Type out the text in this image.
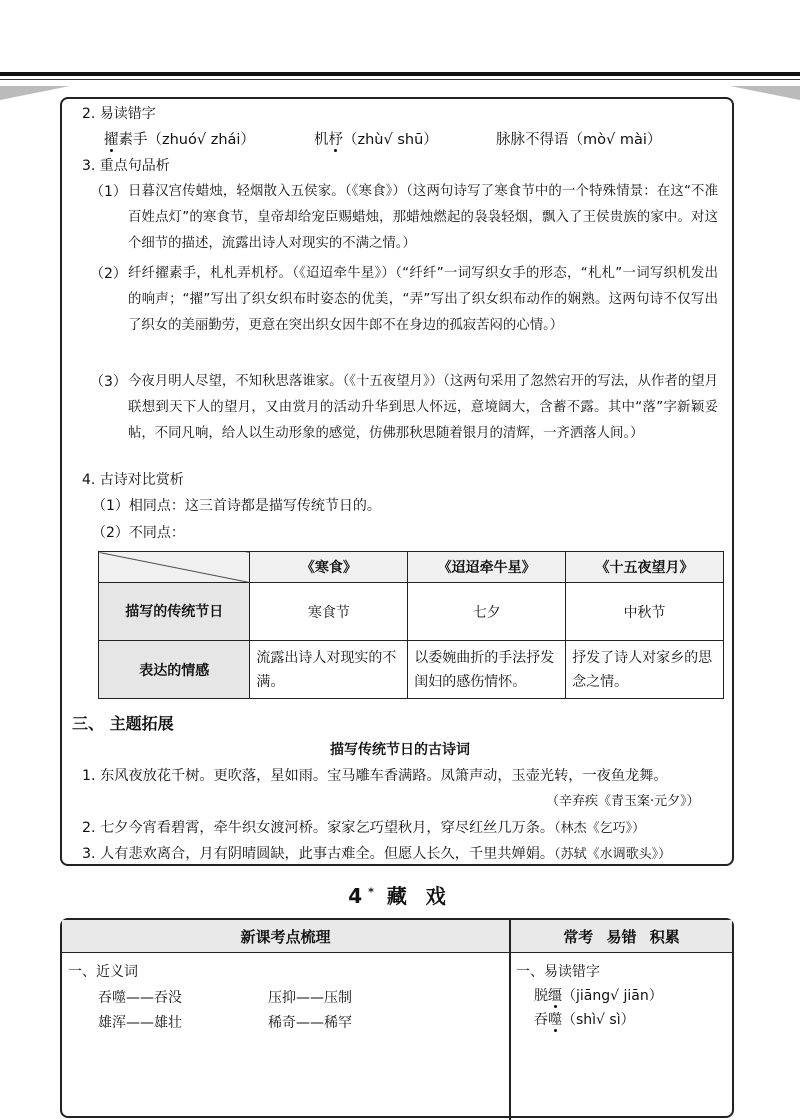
2. 易读错字
擢素手（zhuó√ zhái）	机杼（zhù√ shū）	脉脉不得语（mò√ mài）
3. 重点句品析
（1） 日暮汉宫传蜡烛，轻烟散入五侯家。（《寒食》）（这两句诗写了寒食节中的一个特殊情景：在这“不准百姓点灯”的寒食节，皇帝却给宠臣赐蜡烛，那蜡烛燃起的袅袅轻烟，飘入了王侯贵族的家中。对这个细节的描述，流露出诗人对现实的不满之情。）
（2） 纤纤擢素手，札札弄机杼。（《迢迢牵牛星》）（“纤纤”一词写织女手的形态，“札札”一词写织机发出的响声；“擢”写出了织女织布时姿态的优美，“弄”写出了织女织布动作的娴熟。这两句诗不仅写出了织女的美丽勤劳，更意在突出织女因牛郎不在身边的孤寂苦闷的心情。）
（3） 今夜月明人尽望，不知秋思落谁家。（《十五夜望月》）（这两句采用了忽然宕开的写法，从作者的望月联想到天下人的望月，又由赏月的活动升华到思人怀远，意境阔大，含蓄不露。其中“落”字新颖妥帖，不同凡响，给人以生动形象的感觉，仿佛那秋思随着银月的清辉，一齐洒落人间。）
4. 古诗对比赏析
（1）相同点：这三首诗都是描写传统节日的。
（2）不同点：
	《寒食》	《迢迢牵牛星》	《十五夜望月》
描写的传统节日	寒食节	七夕	中秋节
表达的情感	流露出诗人对现实的不满。	以委婉曲折的手法抒发闺妇的感伤情怀。	抒发了诗人对家乡的思念之情。
三、 主题拓展
描写传统节日的古诗词
1. 东风夜放花千树。更吹落，星如雨。宝马雕车香满路。凤箫声动，玉壶光转，一夜鱼龙舞。
（辛弃疾《青玉案·元夕》）
2. 七夕今宵看碧霄，牵牛织女渡河桥。家家乞巧望秋月，穿尽红丝几万条。（林杰《乞巧》）
3. 人有悲欢离合，月有阴晴圆缺，此事古难全。但愿人长久，千里共婵娟。（苏轼《水调歌头》）
4* 藏 戏
新课考点梳理	常考 易错 积累
一、近义词
吞噬——吞没	压抑——压制
雄浑——雄壮	稀奇——稀罕
一、易读错字
脱缰（jiāng√ jiān）
吞噬（shì√ sì）
